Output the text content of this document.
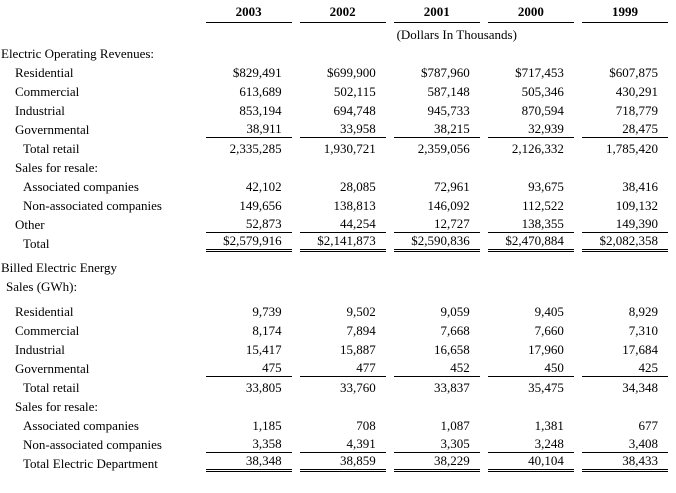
	2003	2002	2001	2000	1999
	(Dollars In Thousands)				
Electric Operating Revenues:					
Residential	$829,491	$699,900	$787,960	$717,453	$607,875
Commercial	613,689	502,115	587,148	505,346	430,291
Industrial	853,194	694,748	945,733	870,594	718,779
Governmental	38,911	33,958	38,215	32,939	28,475
Total retail	2,335,285	1,930,721	2,359,056	2,126,332	1,785,420
Sales for resale:					
Associated companies	42,102	28,085	72,961	93,675	38,416
Non-associated companies	149,656	138,813	146,092	112,522	109,132
Other	52,873	44,254	12,727	138,355	149,390
Total	$2,579,916	$2,141,873	$2,590,836	$2,470,884	$2,082,358

Billed Electric Energy					
Sales (GWh):					

Residential	9,739	9,502	9,059	9,405	8,929
Commercial	8,174	7,894	7,668	7,660	7,310
Industrial	15,417	15,887	16,658	17,960	17,684
Governmental	475	477	452	450	425
Total retail	33,805	33,760	33,837	35,475	34,348
Sales for resale:					
Associated companies	1,185	708	1,087	1,381	677
Non-associated companies	3,358	4,391	3,305	3,248	3,408
Total Electric Department	38,348	38,859	38,229	40,104	38,433
